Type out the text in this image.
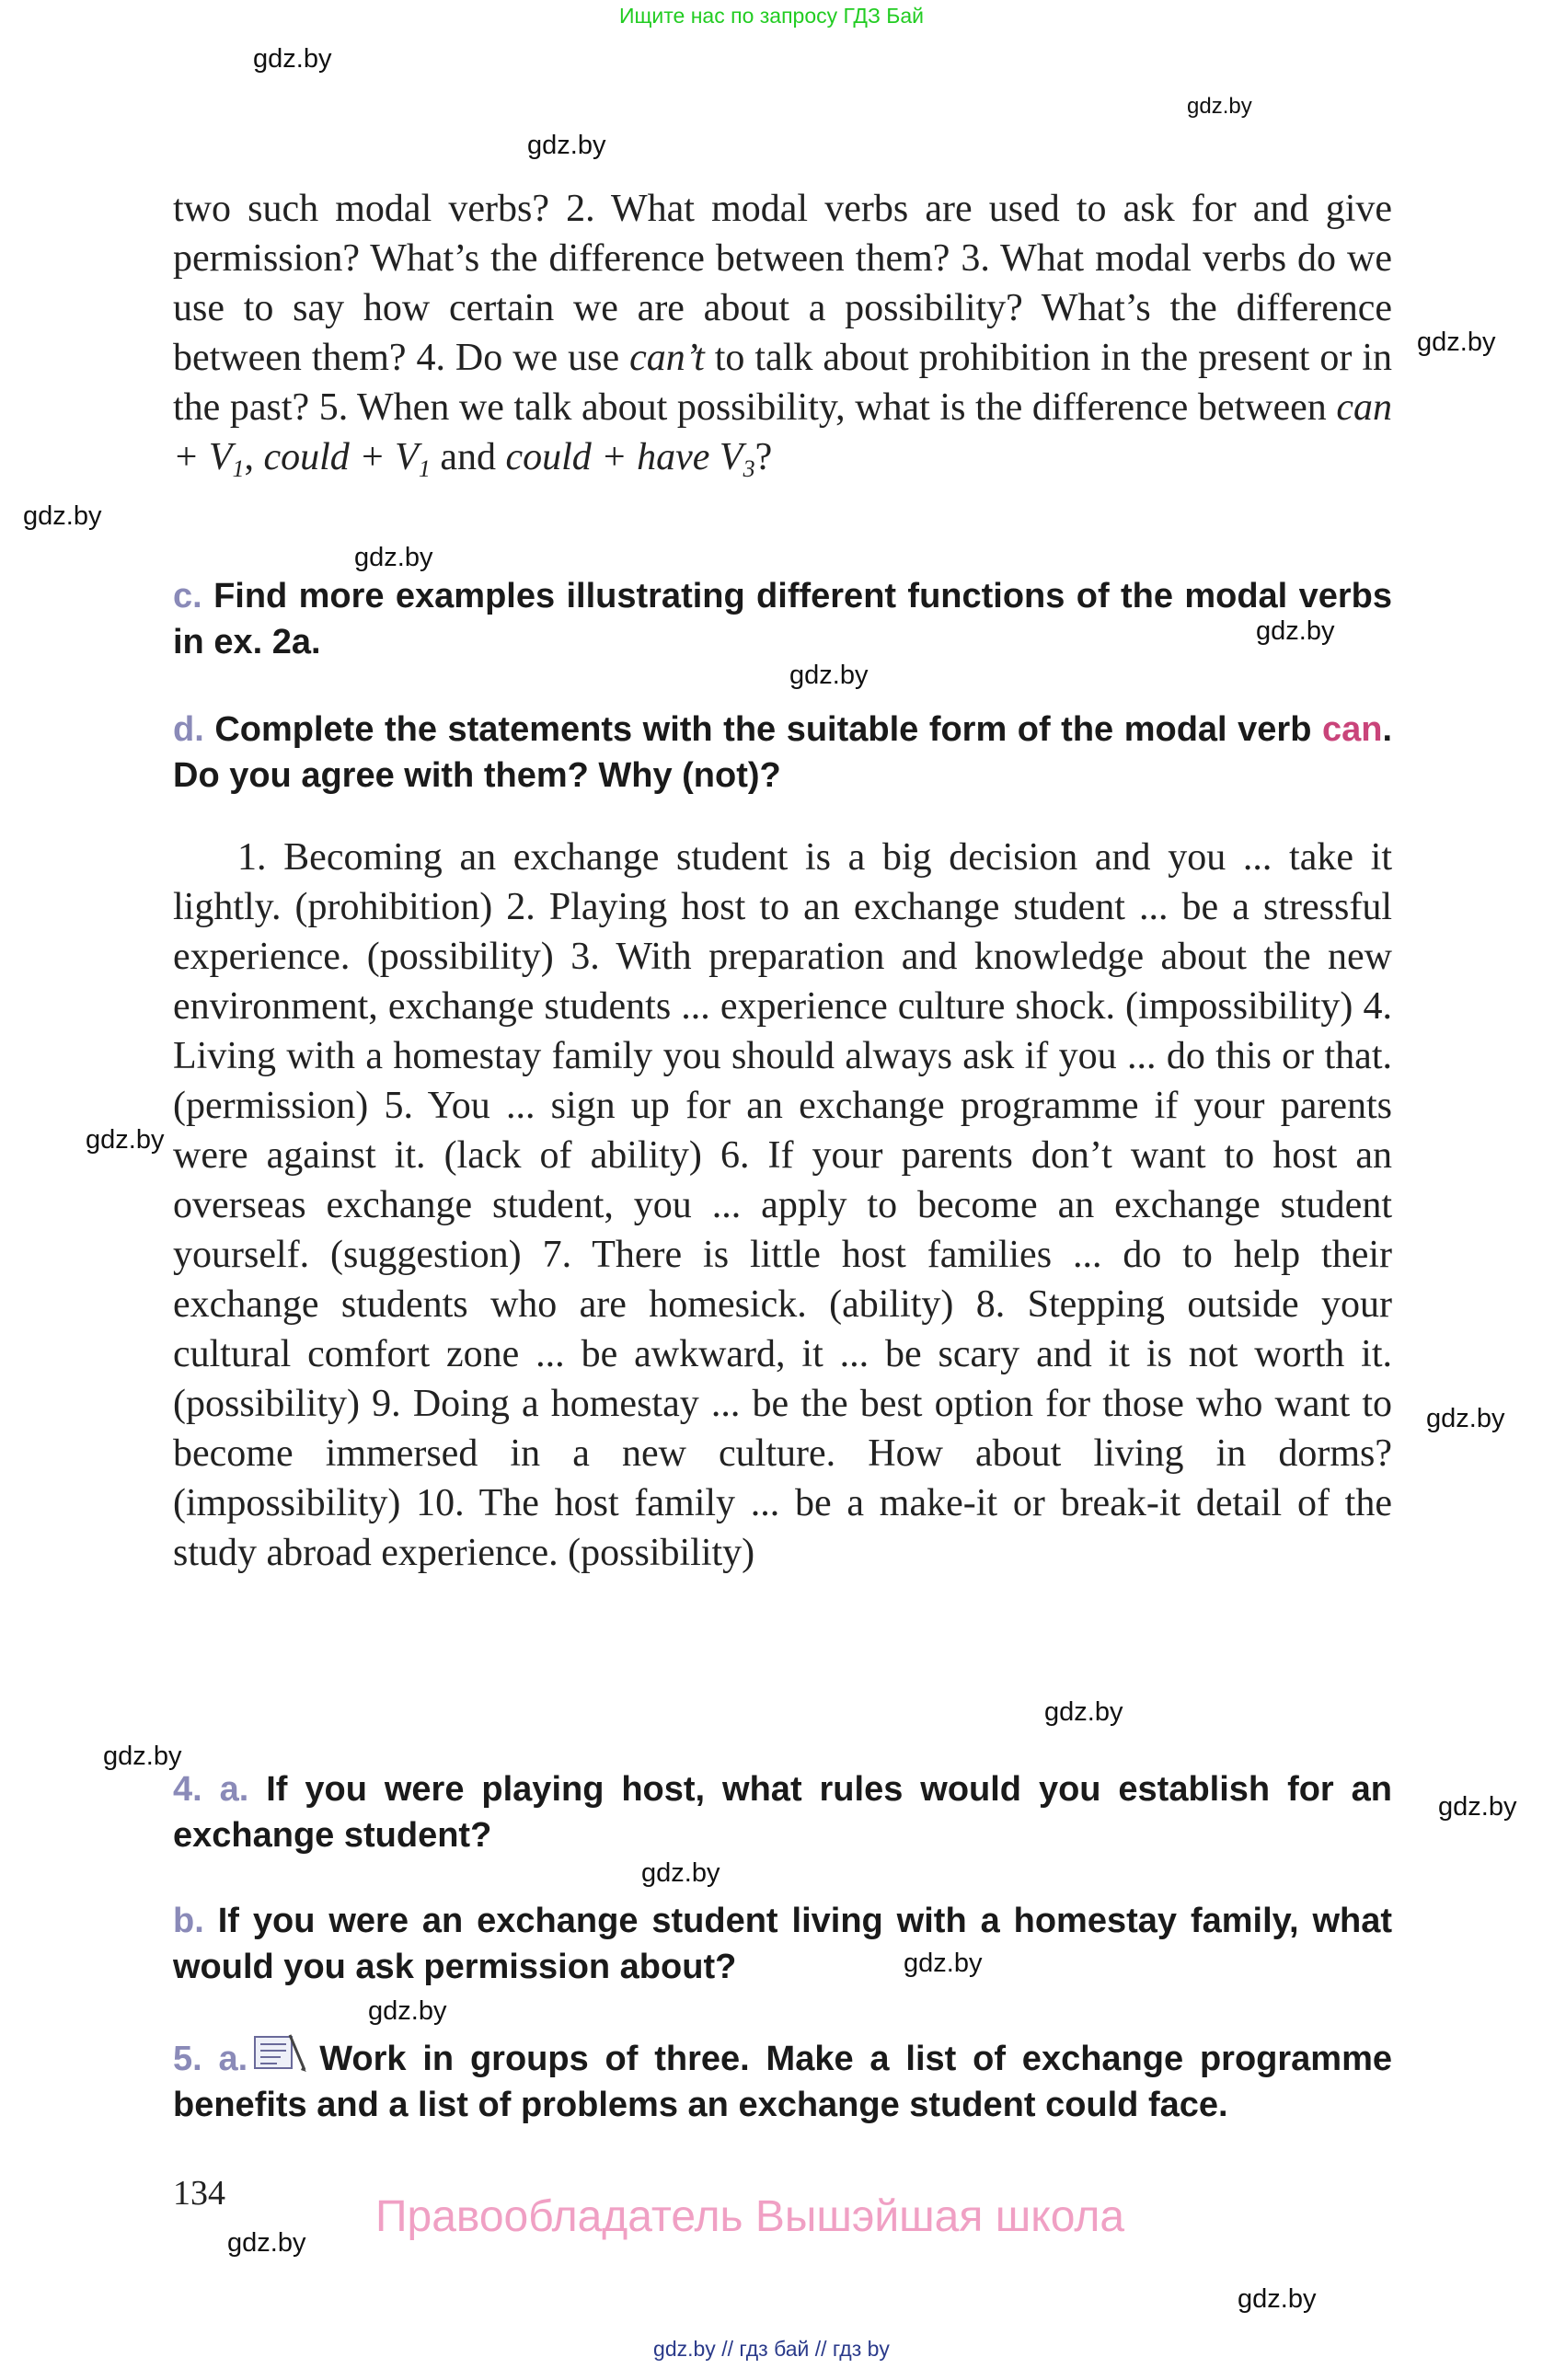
Ищите нас по запросу ГДЗ Бай
gdz.by
gdz.by
gdz.by
gdz.by
gdz.by
gdz.by
gdz.by
gdz.by
gdz.by
gdz.by
gdz.by
gdz.by
gdz.by
gdz.by
gdz.by
gdz.by
gdz.by
gdz.by

two such modal verbs? 2. What modal verbs are used to ask for and give permission? What’s the difference between them? 3. What modal verbs do we use to say how certain we are about a possibility? What’s the difference between them? 4. Do we use can’t to talk about prohibition in the present or in the past? 5. When we talk about possibility, what is the difference between can + $V_1$, could + $V_1$ and could + have $V_3$?

c. Find more examples illustrating different functions of the modal verbs in ex. 2a.

d. Complete the statements with the suitable form of the modal verb can. Do you agree with them? Why (not)?

1. Becoming an exchange student is a big decision and you ... take it lightly. (prohibition) 2. Playing host to an exchange student ... be a stressful experience. (possibility) 3. With preparation and knowledge about the new environment, exchange students ... experience culture shock. (impossibility) 4. Living with a homestay family you should always ask if you ... do this or that. (permission) 5. You ... sign up for an exchange programme if your parents were against it. (lack of ability) 6. If your parents don’t want to host an overseas exchange student, you ... apply to become an exchange student yourself. (suggestion) 7. There is little host families ... do to help their exchange students who are homesick. (ability) 8. Stepping outside your cultural comfort zone ... be awkward, it ... be scary and it is not worth it. (possibility) 9. Doing a homestay ... be the best option for those who want to become immersed in a new culture. How about living in dorms? (impossibility) 10. The host family ... be a make-it or break-it detail of the study abroad experience. (possibility)

4. a. If you were playing host, what rules would you establish for an exchange student?

b. If you were an exchange student living with a homestay family, what would you ask permission about?

5. a. Work in groups of three. Make a list of exchange programme benefits and a list of problems an exchange student could face.

134	Правообладатель Вышэйшая школа
gdz.by // гдз бай // гдз by
